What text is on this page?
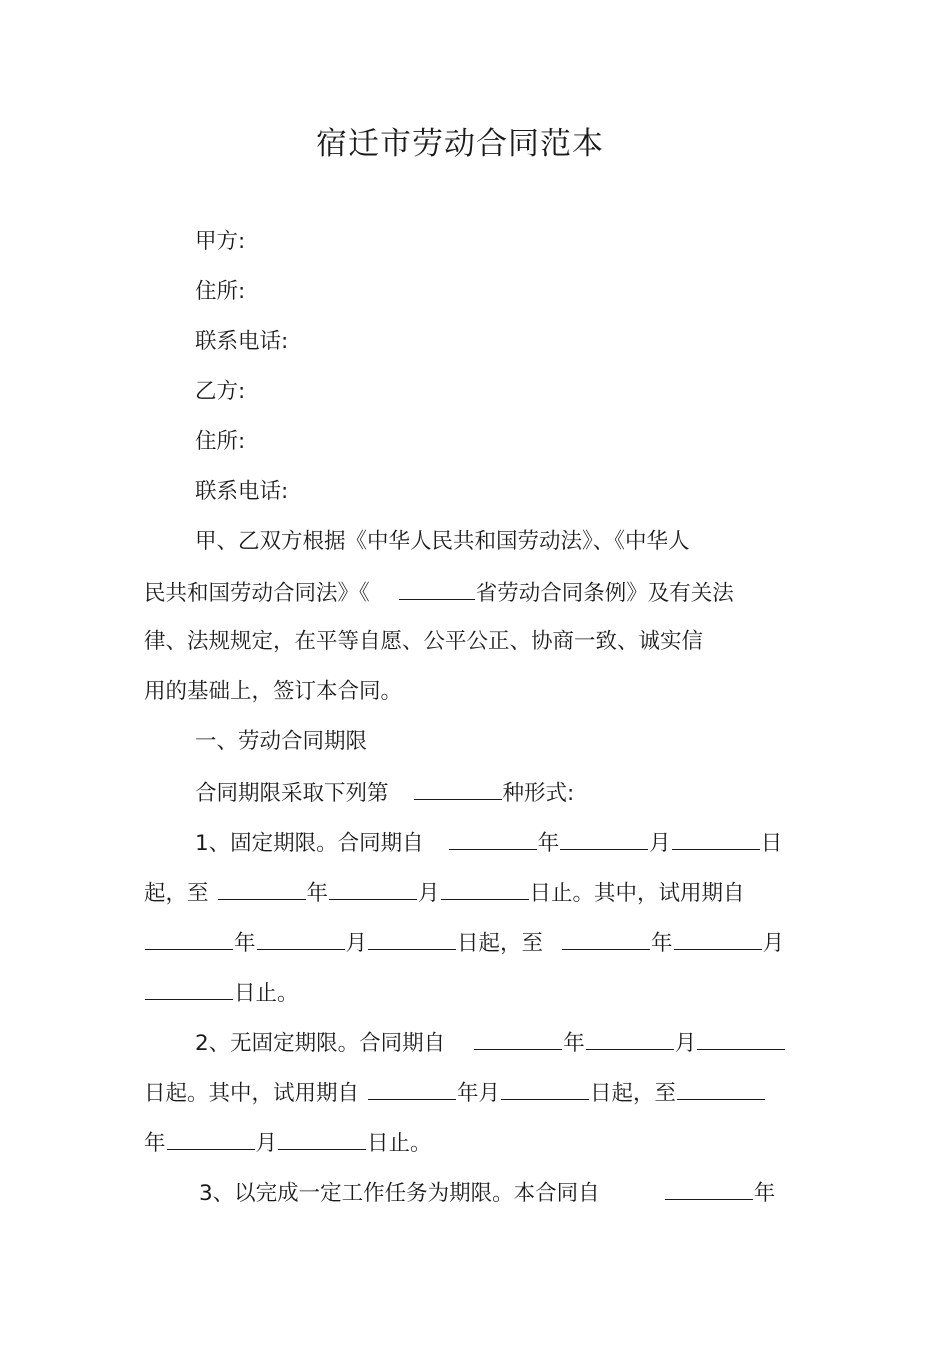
宿迁市劳动合同范本
甲方:
住所:
联系电话:
乙方:
住所:
联系电话:
甲、乙双方根据《中华人民共和国劳动法》、《中华人
民共和国劳动合同法》《	省劳动合同条例》及有关法
律、法规规定，在平等自愿、公平公正、协商一致、诚实信
用的基础上，签订本合同。
一、劳动合同期限
合同期限采取下列第	种形式:
1、固定期限。合同期自	年	月	日
起，至	年	月	日止。其中，试用期自
年	月	日起，至	年	月
日止。
2、无固定期限。合同期自	年	月
日起。其中，试用期自	年月	日起，至
年	月	日止。
3、以完成一定工作任务为期限。本合同自	年
